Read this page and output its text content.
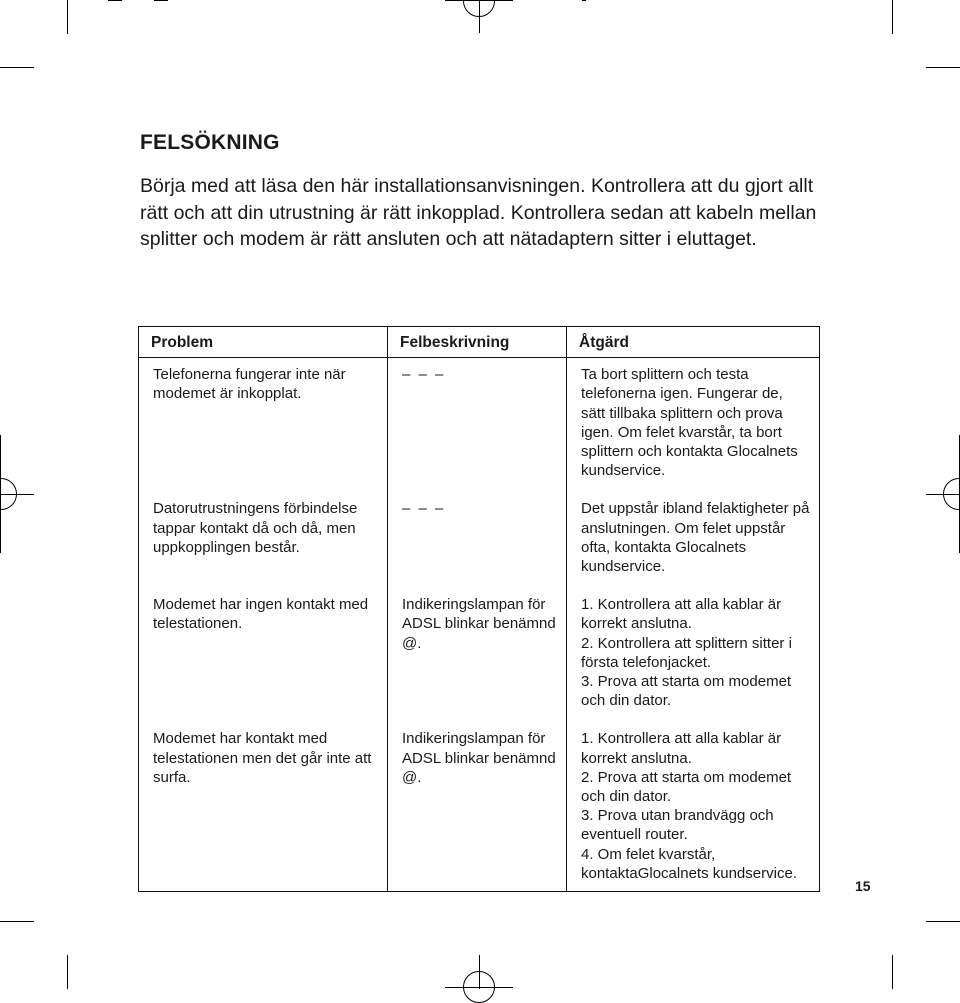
FELSÖKNING

Börja med att läsa den här installationsanvisningen. Kontrollera att du gjort allt rätt och att din utrustning är rätt inkopplad. Kontrollera sedan att kabeln mellan splitter och modem är rätt ansluten och att nätadaptern sitter i eluttaget.

Problem	Felbeskrivning	Åtgärd
Telefonerna fungerar inte när modemet är inkopplat.	– – –	Ta bort splittern och testa telefonerna igen. Fungerar de, sätt tillbaka splittern och prova igen. Om felet kvarstår, ta bort splittern och kontakta Glocalnets kundservice.

Datorutrustningens förbindelse tappar kontakt då och då, men uppkopplingen består.	– – –	Det uppstår ibland felaktigheter på anslutningen. Om felet uppstår ofta, kontakta Glocalnets kundservice.

Modemet har ingen kontakt med telestationen.	Indikeringslampan för ADSL blinkar benämnd @.	1. Kontrollera att alla kablar är korrekt anslutna.
2. Kontrollera att splittern sitter i första telefonjacket.
3. Prova att starta om modemet och din dator.

Modemet har kontakt med telestationen men det går inte att surfa.	Indikeringslampan för ADSL blinkar benämnd @.	1. Kontrollera att alla kablar är korrekt anslutna.
2. Prova att starta om modemet och din dator.
3. Prova utan brandvägg och eventuell router.
4. Om felet kvarstår, kontaktaGlocalnets kundservice.
15
